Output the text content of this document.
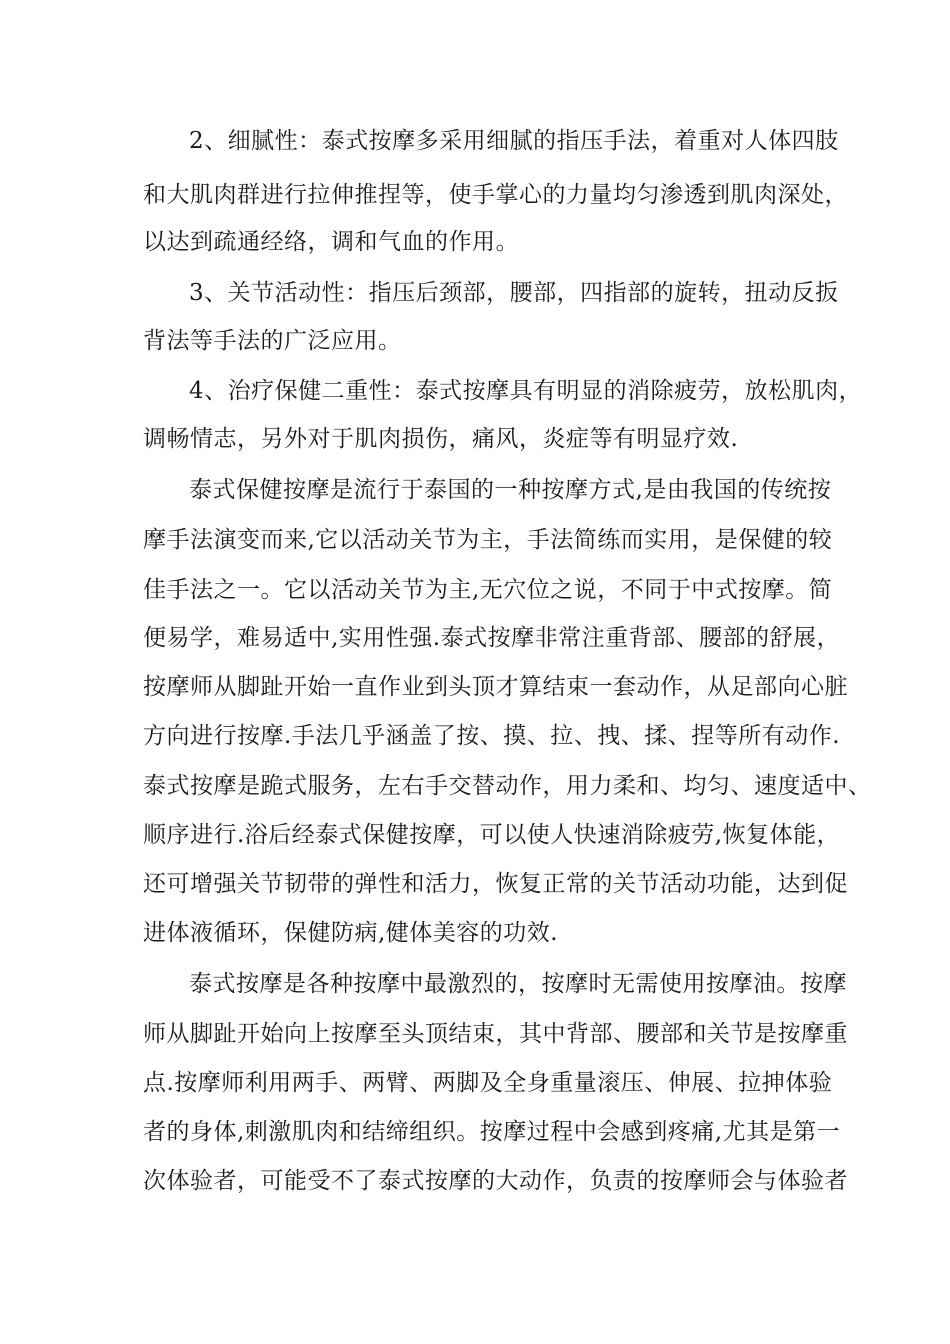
2、细腻性：泰式按摩多采用细腻的指压手法，着重对人体四肢
和大肌肉群进行拉伸推捏等，使手掌心的力量均匀渗透到肌肉深处，
以达到疏通经络，调和气血的作用。
3、关节活动性：指压后颈部，腰部，四指部的旋转，扭动反扳
背法等手法的广泛应用。
4、治疗保健二重性：泰式按摩具有明显的消除疲劳，放松肌肉，
调畅情志，另外对于肌肉损伤，痛风，炎症等有明显疗效.
泰式保健按摩是流行于泰国的一种按摩方式,是由我国的传统按
摩手法演变而来,它以活动关节为主，手法简练而实用，是保健的较
佳手法之一。它以活动关节为主,无穴位之说，不同于中式按摩。简
便易学，难易适中,实用性强.泰式按摩非常注重背部、腰部的舒展，
按摩师从脚趾开始一直作业到头顶才算结束一套动作，从足部向心脏
方向进行按摩.手法几乎涵盖了按、摸、拉、拽、揉、捏等所有动作.
泰式按摩是跪式服务，左右手交替动作，用力柔和、均匀、速度适中、
顺序进行.浴后经泰式保健按摩，可以使人快速消除疲劳,恢复体能，
还可增强关节韧带的弹性和活力，恢复正常的关节活动功能，达到促
进体液循环，保健防病,健体美容的功效.
泰式按摩是各种按摩中最激烈的，按摩时无需使用按摩油。按摩
师从脚趾开始向上按摩至头顶结束，其中背部、腰部和关节是按摩重
点.按摩师利用两手、两臂、两脚及全身重量滚压、伸展、拉抻体验
者的身体,刺激肌肉和结缔组织。按摩过程中会感到疼痛,尤其是第一
次体验者，可能受不了泰式按摩的大动作，负责的按摩师会与体验者
